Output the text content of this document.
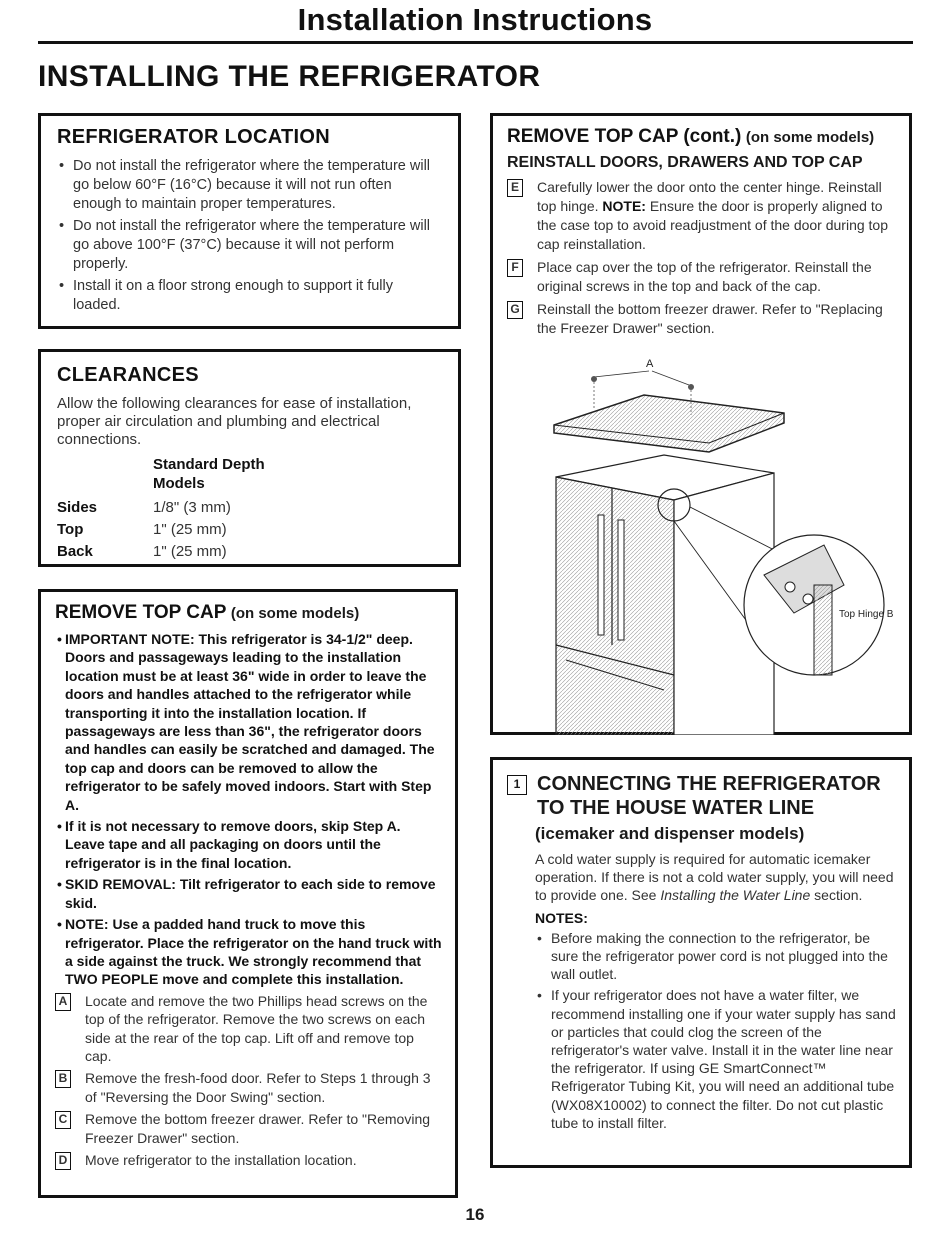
Installation Instructions
INSTALLING THE REFRIGERATOR
REFRIGERATOR LOCATION
• Do not install the refrigerator where the temperature will go below 60°F (16°C) because it will not run often enough to maintain proper temperatures.
• Do not install the refrigerator where the temperature will go above 100°F (37°C) because it will not perform properly.
• Install it on a floor strong enough to support it fully loaded.
CLEARANCES
Allow the following clearances for ease of installation, proper air circulation and plumbing and electrical connections.
Standard Depth Models
Sides	1/8" (3 mm)
Top	1" (25 mm)
Back	1" (25 mm)
REMOVE TOP CAP (on some models)
• IMPORTANT NOTE: This refrigerator is 34-1/2" deep. Doors and passageways leading to the installation location must be at least 36" wide in order to leave the doors and handles attached to the refrigerator while transporting it into the installation location. If passageways are less than 36", the refrigerator doors and handles can easily be scratched and damaged. The top cap and doors can be removed to allow the refrigerator to be safely moved indoors. Start with Step A.
• If it is not necessary to remove doors, skip Step A. Leave tape and all packaging on doors until the refrigerator is in the final location.
• SKID REMOVAL: Tilt refrigerator to each side to remove skid.
• NOTE: Use a padded hand truck to move this refrigerator. Place the refrigerator on the hand truck with a side against the truck. We strongly recommend that TWO PEOPLE move and complete this installation.
A Locate and remove the two Phillips head screws on the top of the refrigerator. Remove the two screws on each side at the rear of the top cap. Lift off and remove top cap.
B Remove the fresh-food door. Refer to Steps 1 through 3 of "Reversing the Door Swing" section.
C Remove the bottom freezer drawer. Refer to "Removing Freezer Drawer" section.
D Move refrigerator to the installation location.
REMOVE TOP CAP (cont.) (on some models)
REINSTALL DOORS, DRAWERS AND TOP CAP
E Carefully lower the door onto the center hinge. Reinstall top hinge. NOTE: Ensure the door is properly aligned to the case top to avoid readjustment of the door during top cap reinstallation.
F	Place cap over the top of the refrigerator. Reinstall the original screws in the top and back of the cap.
G Reinstall the bottom freezer drawer. Refer to "Replacing the Freezer Drawer" section.
A
Top Hinge B
1 CONNECTING THE REFRIGERATOR
TO THE HOUSE WATER LINE
(icemaker and dispenser models)
A cold water supply is required for automatic icemaker operation. If there is not a cold water supply, you will need to provide one. See Installing the Water Line section.
NOTES:
• Before making the connection to the refrigerator, be sure the refrigerator power cord is not plugged into the wall outlet.
• If your refrigerator does not have a water filter, we recommend installing one if your water supply has sand or particles that could clog the screen of the refrigerator's water valve. Install it in the water line near the refrigerator. If using GE SmartConnect™ Refrigerator Tubing Kit, you will need an additional tube (WX08X10002) to connect the filter. Do not cut plastic tube to install filter.
16
